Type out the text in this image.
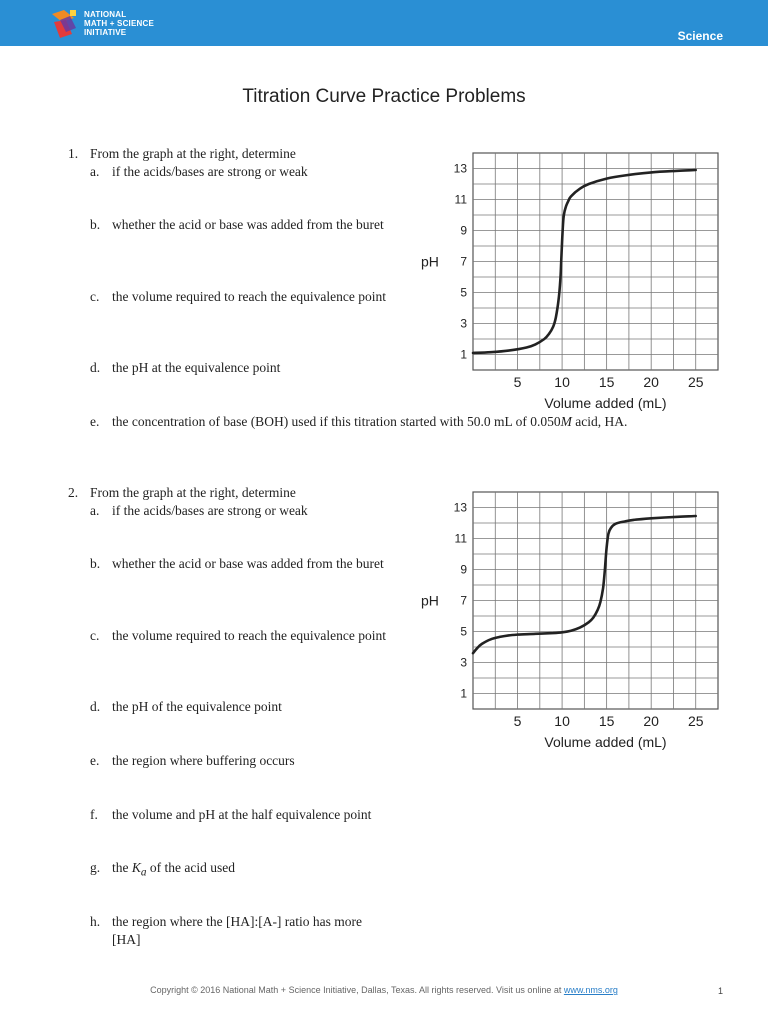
NATIONAL
MATH + SCIENCE
INITIATIVE	Science
Titration Curve Practice Problems
1. From the graph at the right, determine
a. if the acids/bases are strong or weak
b. whether the acid or base was added from the buret
c. the volume required to reach the equivalence point
d. the pH at the equivalence point
e. the concentration of base (BOH) used if this titration started with 50.0 mL of 0.050M acid, HA.
5 10 15 20 25
1
3
5
7
9
11
13
pH
Volume added (mL)
2. From the graph at the right, determine
a. if the acids/bases are strong or weak
b. whether the acid or base was added from the buret
c. the volume required to reach the equivalence point
d. the pH of the equivalence point
e. the region where buffering occurs
f. the volume and pH at the half equivalence point
g. the $K_a$ of the acid used
h. the region where the [HA]:[A-] ratio has more [HA]
5 10 15 20 25
1
3
5
7
9
11
13
pH
Volume added (mL)
Copyright © 2016 National Math + Science Initiative, Dallas, Texas. All rights reserved. Visit us online at www.nms.org	1
